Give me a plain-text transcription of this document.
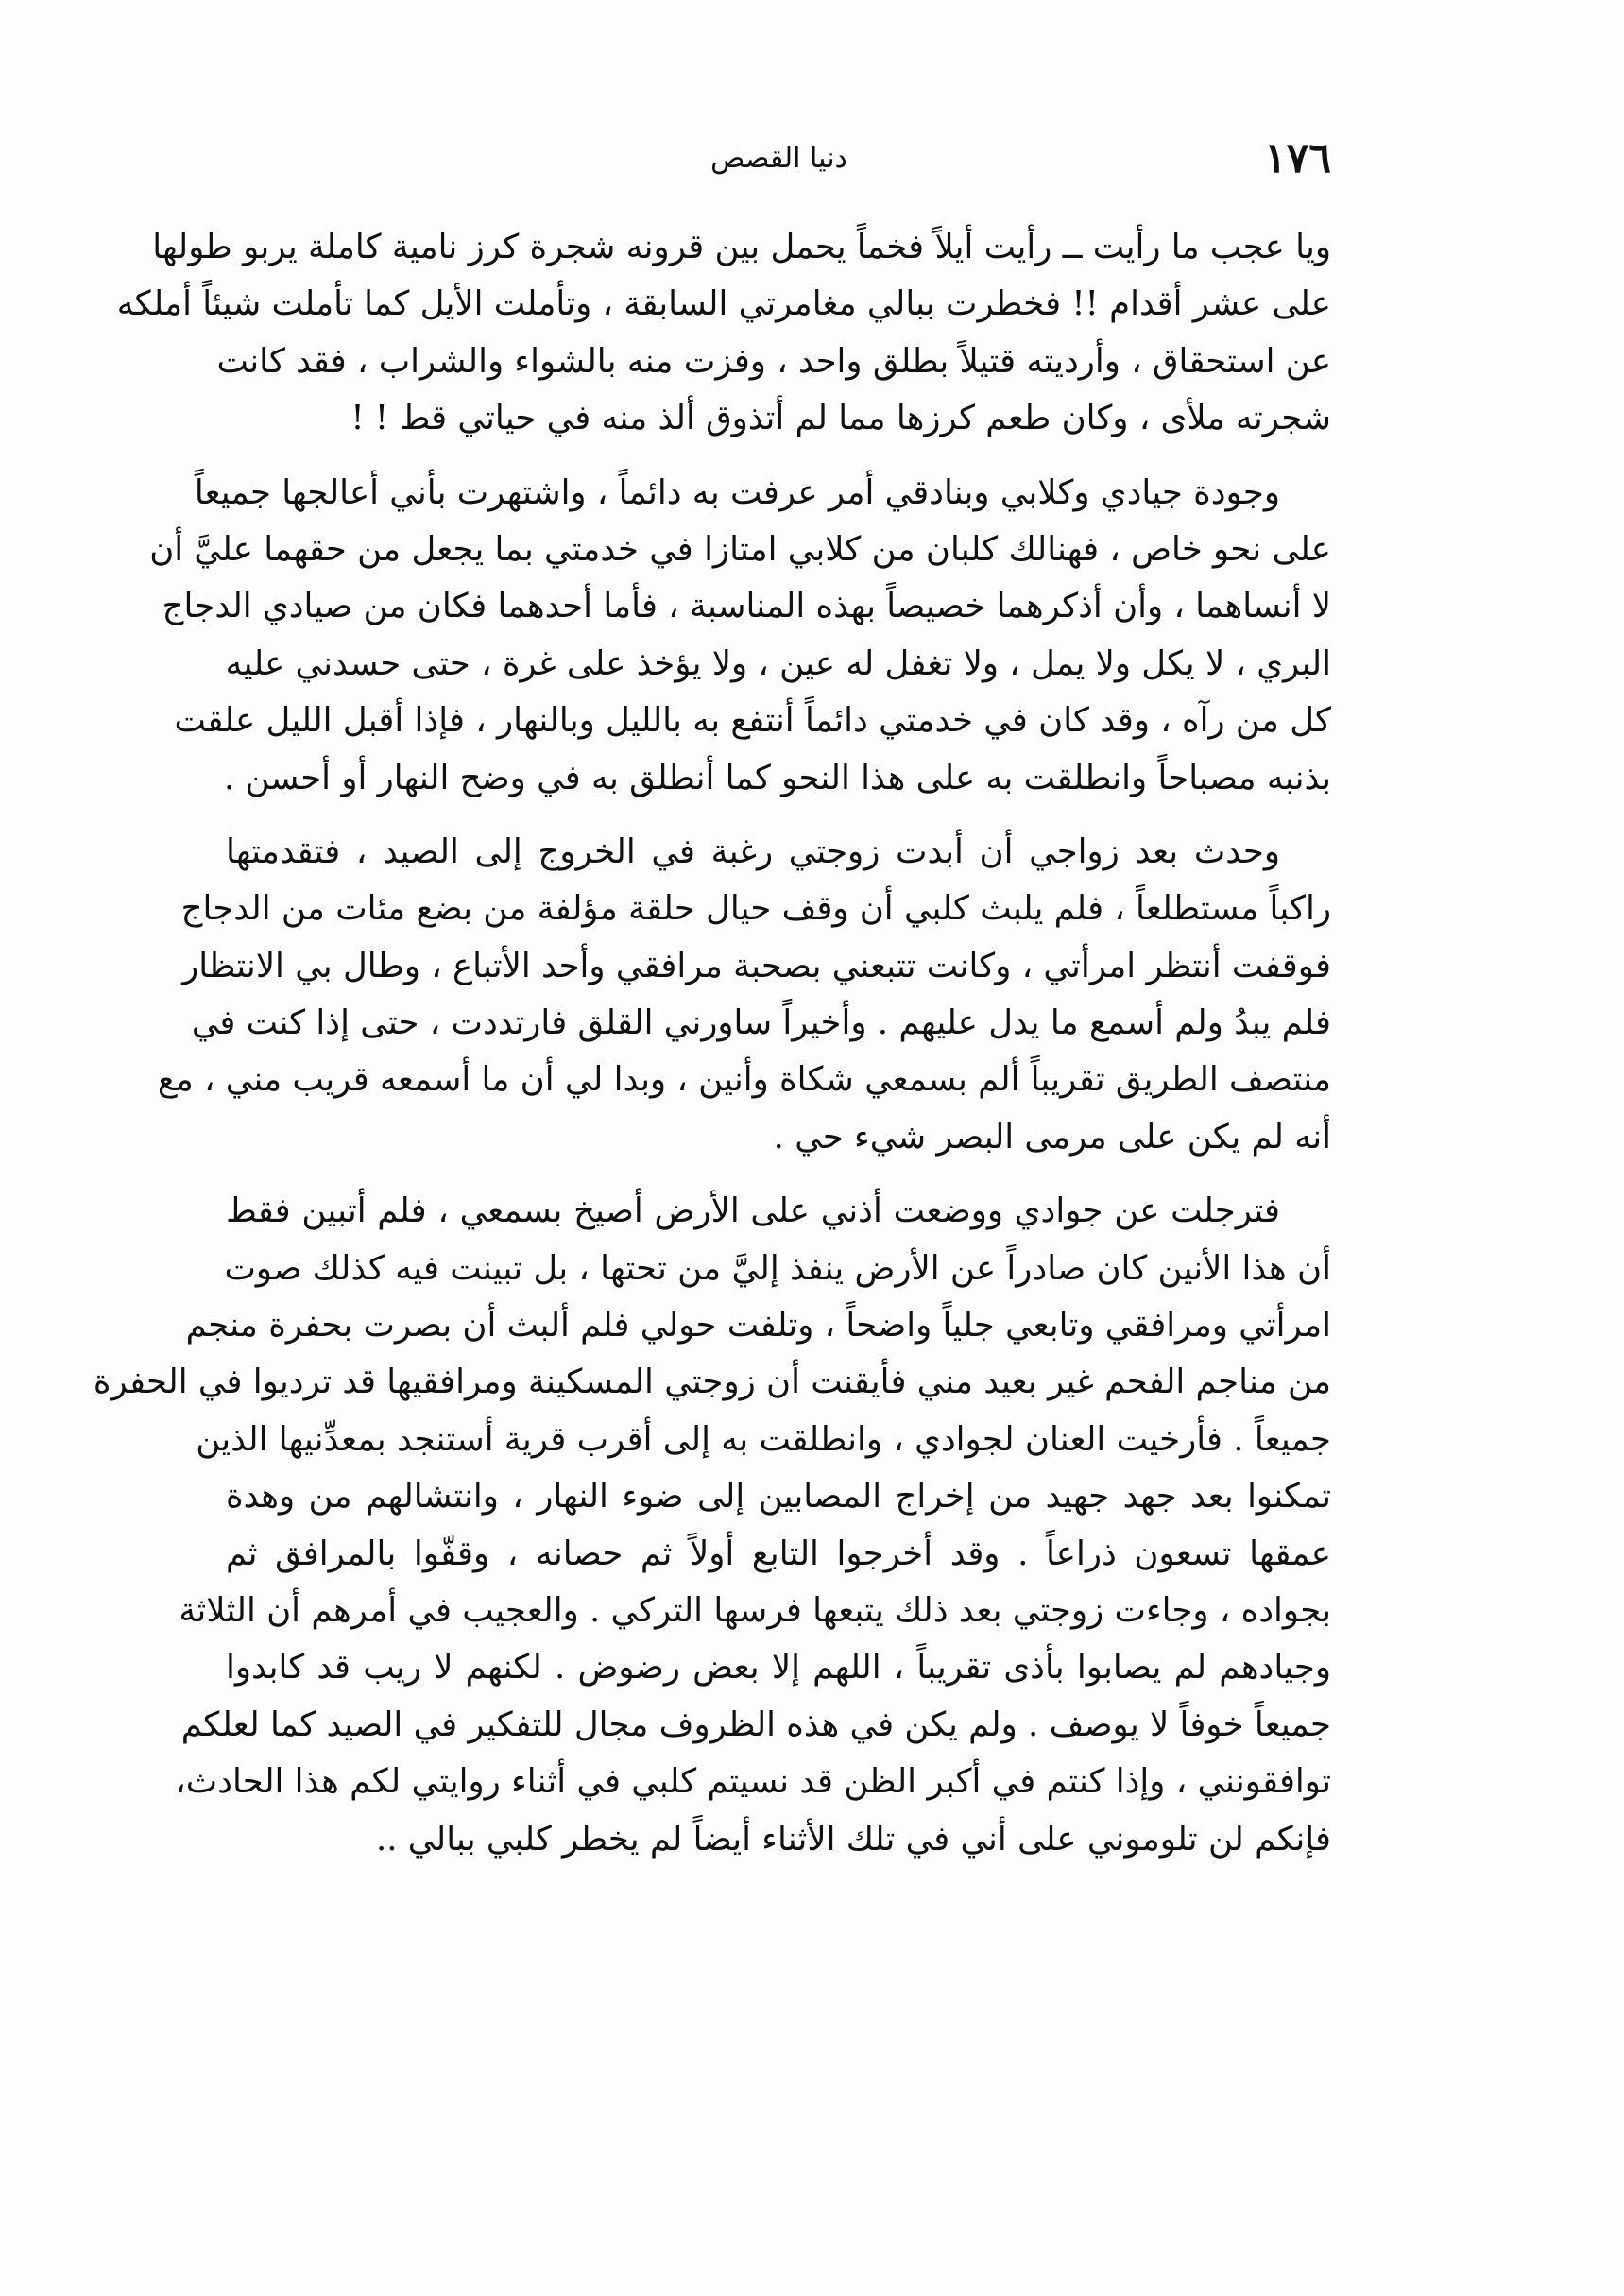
١٧٦
دنيا القصص
ويا عجب ما رأيت ــ رأيت أيلاً فخماً يحمل بين قرونه شجرة كرز نامية كاملة يربو طولها
على عشر أقدام !! فخطرت ببالي مغامرتي السابقة ، وتأملت الأيل كما تأملت شيئاً أملكه
عن استحقاق ، وأرديته قتيلاً بطلق واحد ، وفزت منه بالشواء والشراب ، فقد كانت
شجرته ملأى ، وكان طعم كرزها مما لم أتذوق ألذ منه في حياتي قط ! !
وجودة جيادي وكلابي وبنادقي أمر عرفت به دائماً ، واشتهرت بأني أعالجها جميعاً
على نحو خاص ، فهنالك كلبان من كلابي امتازا في خدمتي بما يجعل من حقهما عليَّ أن
لا أنساهما ، وأن أذكرهما خصيصاً بهذه المناسبة ، فأما أحدهما فكان من صيادي الدجاج
البري ، لا يكل ولا يمل ، ولا تغفل له عين ، ولا يؤخذ على غرة ، حتى حسدني عليه
كل من رآه ، وقد كان في خدمتي دائماً أنتفع به بالليل وبالنهار ، فإذا أقبل الليل علقت
بذنبه مصباحاً وانطلقت به على هذا النحو كما أنطلق به في وضح النهار أو أحسن .
وحدث بعد زواجي أن أبدت زوجتي رغبة في الخروج إلى الصيد ، فتقدمتها
راكباً مستطلعاً ، فلم يلبث كلبي أن وقف حيال حلقة مؤلفة من بضع مئات من الدجاج
فوقفت أنتظر امرأتي ، وكانت تتبعني بصحبة مرافقي وأحد الأتباع ، وطال بي الانتظار
فلم يبدُ ولم أسمع ما يدل عليهم . وأخيراً ساورني القلق فارتددت ، حتى إذا كنت في
منتصف الطريق تقريباً ألم بسمعي شكاة وأنين ، وبدا لي أن ما أسمعه قريب مني ، مع
أنه لم يكن على مرمى البصر شيء حي .
فترجلت عن جوادي ووضعت أذني على الأرض أصيخ بسمعي ، فلم أتبين فقط
أن هذا الأنين كان صادراً عن الأرض ينفذ إليَّ من تحتها ، بل تبينت فيه كذلك صوت
امرأتي ومرافقي وتابعي جلياً واضحاً ، وتلفت حولي فلم ألبث أن بصرت بحفرة منجم
من مناجم الفحم غير بعيد مني فأيقنت أن زوجتي المسكينة ومرافقيها قد ترديوا في الحفرة
جميعاً . فأرخيت العنان لجوادي ، وانطلقت به إلى أقرب قرية أستنجد بمعدِّنيها الذين
تمكنوا بعد جهد جهيد من إخراج المصابين إلى ضوء النهار ، وانتشالهم من وهدة
عمقها تسعون ذراعاً . وقد أخرجوا التابع أولاً ثم حصانه ، وقفّوا بالمرافق ثم
بجواده ، وجاءت زوجتي بعد ذلك يتبعها فرسها التركي . والعجيب في أمرهم أن الثلاثة
وجيادهم لم يصابوا بأذى تقريباً ، اللهم إلا بعض رضوض . لكنهم لا ريب قد كابدوا
جميعاً خوفاً لا يوصف . ولم يكن في هذه الظروف مجال للتفكير في الصيد كما لعلكم
توافقونني ، وإذا كنتم في أكبر الظن قد نسيتم كلبي في أثناء روايتي لكم هذا الحادث،
فإنكم لن تلوموني على أني في تلك الأثناء أيضاً لم يخطر كلبي ببالي ..
